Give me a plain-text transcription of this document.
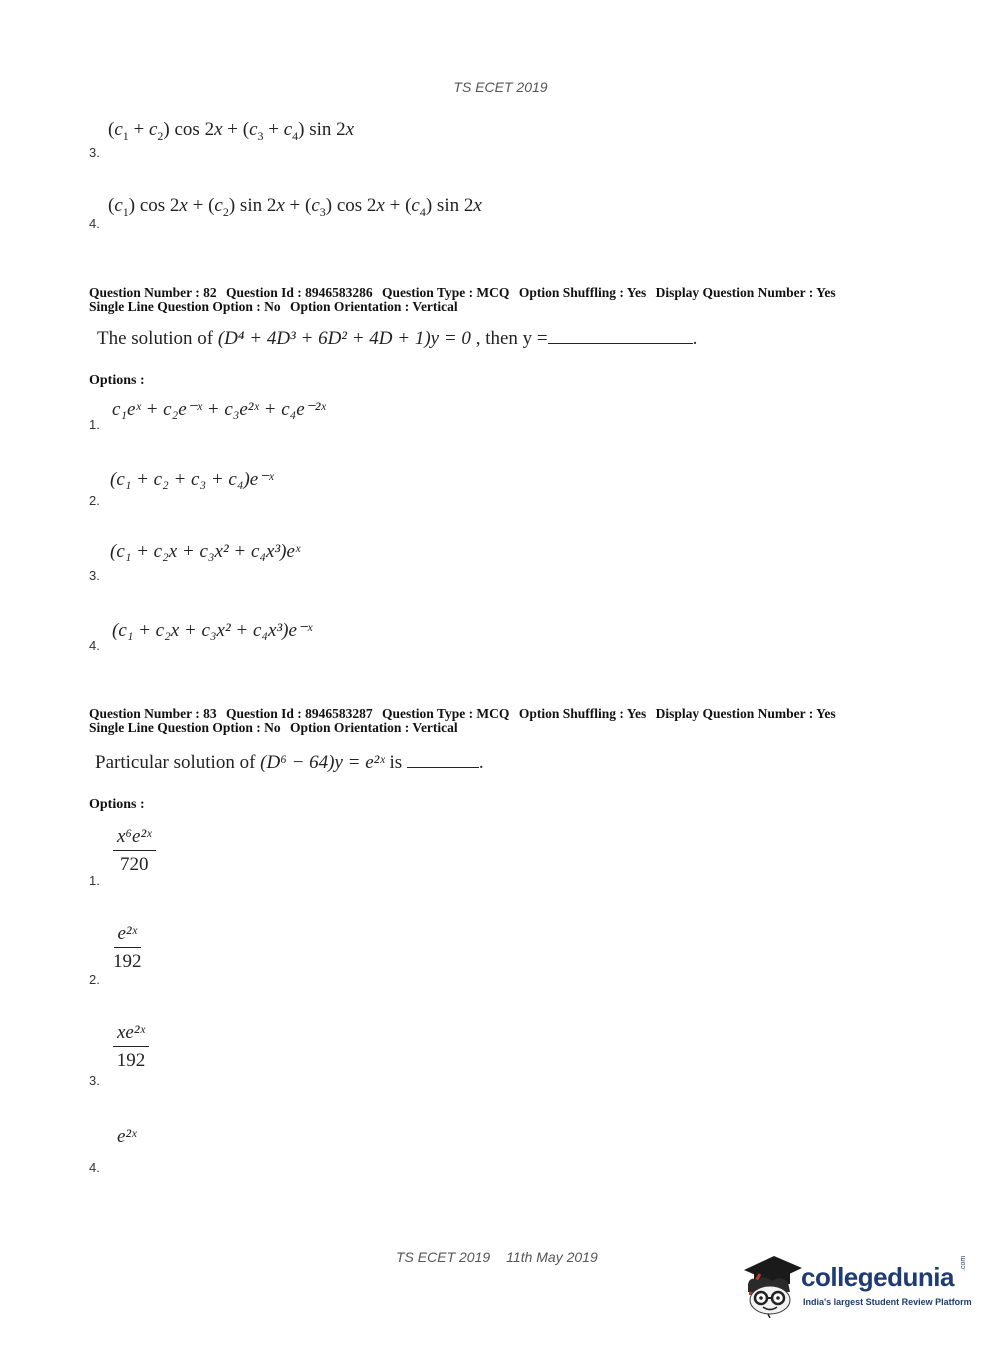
TS ECET 2019
3.
$(c_1 + c_2)$ $\cos 2x + (c_3 + c_4)$ sin 2x
4.
$(c_1)$ $\cos 2x + (c_2)$ $\sin 2x + (c_3)$ $\cos 2x + (c_4)$ sin 2x
Question Number : 82 Question Id : 8946583286 Question Type : MCQ Option Shuffling : Yes Display Question Number : Yes
Single Line Question Option : No Option Orientation : Vertical
The solution of (D⁴ + 4D³ + 6D² + 4D + 1)y = 0 , then y =	.
Options :
1.
c₁eˣ + c₂e⁻ˣ + c₃e²ˣ + c₄e⁻²ˣ
2.
(c₁ + c₂ + c₃ + c₄)e⁻ˣ
3.
(c₁ + c₂x + c₃x² + c₄x³)eˣ
4.
(c₁ + c₂x + c₃x² + c₄x³)e⁻ˣ
Question Number : 83 Question Id : 8946583287 Question Type : MCQ Option Shuffling : Yes Display Question Number : Yes
Single Line Question Option : No Option Orientation : Vertical
Particular solution of (D⁶ − 64)y = e²ˣ is	.
Options :
1.
$\frac{\text{x⁶e²ˣ}}{720}$
2.
$\frac{\text{e²ˣ}}{192}$
3.
$\frac{\text{xe²ˣ}}{192}$
4.
e²ˣ
TS ECET 2019 11th May 2019
collegedunia .com
India's largest Student Review Platform
